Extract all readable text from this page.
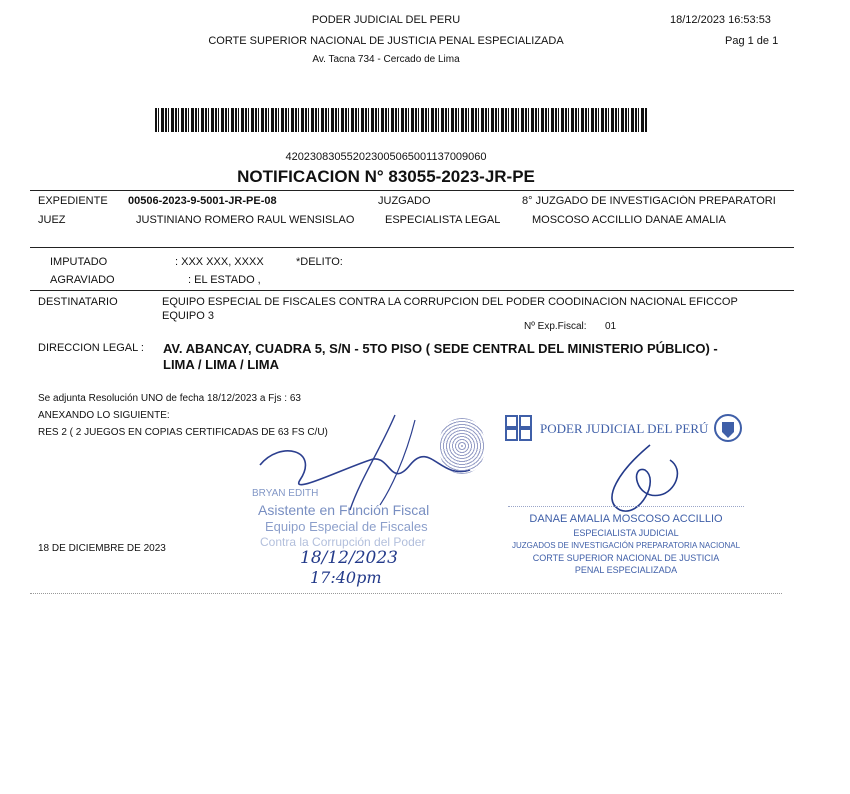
PODER JUDICIAL DEL PERU
CORTE SUPERIOR NACIONAL DE JUSTICIA PENAL ESPECIALIZADA
Av. Tacna 734 - Cercado de Lima
18/12/2023 16:53:53
Pag 1 de 1
420230830552023005065001137009060
NOTIFICACION N° 83055-2023-JR-PE
EXPEDIENTE 00506-2023-9-5001-JR-PE-08	JUZGADO	8° JUZGADO DE INVESTIGACIÓN PREPARATORI
JUEZ	JUSTINIANO ROMERO RAUL WENSISLAO	ESPECIALISTA LEGAL	MOSCOSO ACCILLIO DANAE AMALIA
IMPUTADO	: XXX XXX, XXXX	*DELITO:
AGRAVIADO	: EL ESTADO ,
DESTINATARIO	EQUIPO ESPECIAL DE FISCALES CONTRA LA CORRUPCION DEL PODER COODINACION NACIONAL EFICCOP
EQUIPO 3
Nº Exp.Fiscal: 01
DIRECCION LEGAL : AV. ABANCAY, CUADRA 5, S/N - 5TO PISO ( SEDE CENTRAL DEL MINISTERIO PÚBLICO) -
LIMA / LIMA / LIMA
Se adjunta Resolución UNO de fecha 18/12/2023 a Fjs : 63
ANEXANDO LO SIGUIENTE:
RES 2 ( 2 JUEGOS EN COPIAS CERTIFICADAS DE 63 FS C/U)
BRYAN EDITH
Asistente en Función Fiscal
Equipo Especial de Fiscales
Contra la Corrupción del Poder
18/12/2023
17:40pm
18 DE DICIEMBRE DE 2023
PODER JUDICIAL DEL PERÚ
DANAE AMALIA MOSCOSO ACCILLIO
ESPECIALISTA JUDICIAL
JUZGADOS DE INVESTIGACIÓN PREPARATORIA NACIONAL
CORTE SUPERIOR NACIONAL DE JUSTICIA
PENAL ESPECIALIZADA
